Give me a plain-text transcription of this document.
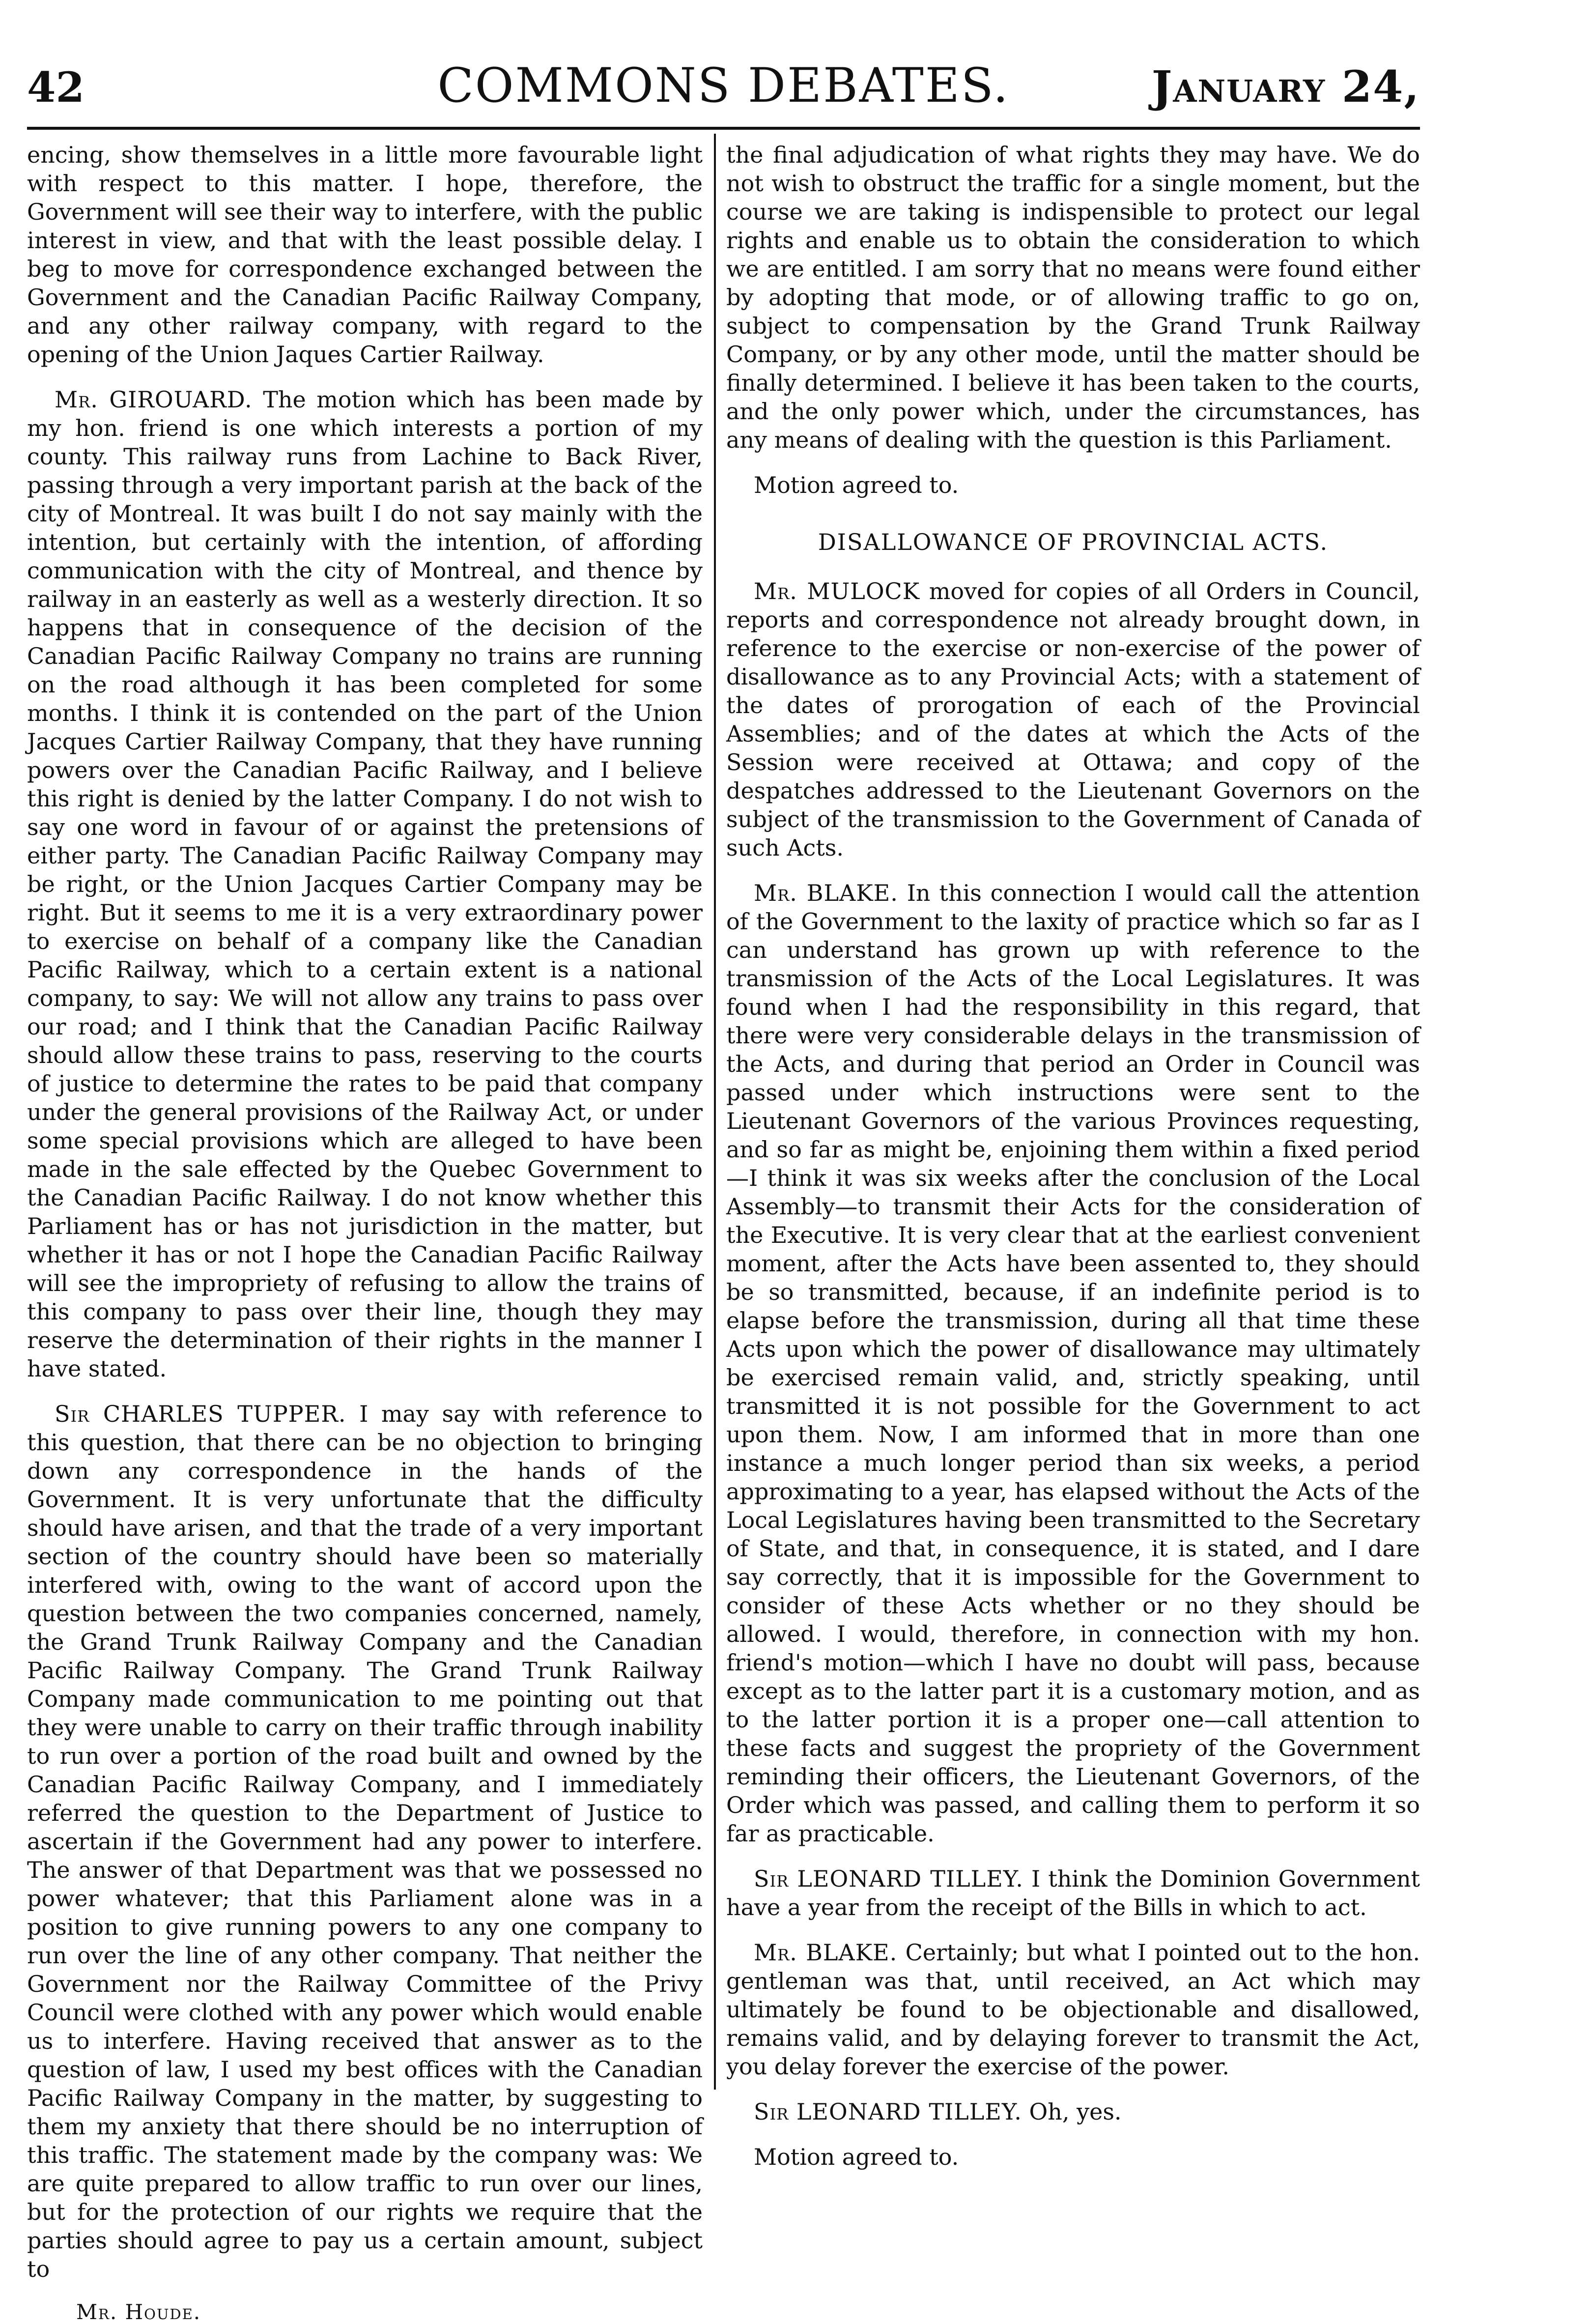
42	COMMONS DEBATES.	January 24,

encing, show themselves in a little more favourable light with respect to this matter. I hope, therefore, the Government will see their way to interfere, with the public interest in view, and that with the least possible delay. I beg to move for correspondence exchanged between the Government and the Canadian Pacific Railway Company, and any other railway company, with regard to the opening of the Union Jaques Cartier Railway.

Mr. GIROUARD. The motion which has been made by my hon. friend is one which interests a portion of my county. This railway runs from Lachine to Back River, passing through a very important parish at the back of the city of Montreal. It was built I do not say mainly with the intention, but certainly with the intention, of affording communication with the city of Montreal, and thence by railway in an easterly as well as a westerly direction. It so happens that in consequence of the decision of the Canadian Pacific Railway Company no trains are running on the road although it has been completed for some months. I think it is contended on the part of the Union Jacques Cartier Railway Company, that they have running powers over the Canadian Pacific Railway, and I believe this right is denied by the latter Company. I do not wish to say one word in favour of or against the pretensions of either party. The Canadian Pacific Railway Company may be right, or the Union Jacques Cartier Company may be right. But it seems to me it is a very extraordinary power to exercise on behalf of a company like the Canadian Pacific Railway, which to a certain extent is a national company, to say: We will not allow any trains to pass over our road; and I think that the Canadian Pacific Railway should allow these trains to pass, reserving to the courts of justice to determine the rates to be paid that company under the general provisions of the Railway Act, or under some special provisions which are alleged to have been made in the sale effected by the Quebec Government to the Canadian Pacific Railway. I do not know whether this Parliament has or has not jurisdiction in the matter, but whether it has or not I hope the Canadian Pacific Railway will see the impropriety of refusing to allow the trains of this company to pass over their line, though they may reserve the determination of their rights in the manner I have stated.

Sir CHARLES TUPPER. I may say with reference to this question, that there can be no objection to bringing down any correspondence in the hands of the Government. It is very unfortunate that the difficulty should have arisen, and that the trade of a very important section of the country should have been so materially interfered with, owing to the want of accord upon the question between the two companies concerned, namely, the Grand Trunk Railway Company and the Canadian Pacific Railway Company. The Grand Trunk Railway Company made communication to me pointing out that they were unable to carry on their traffic through inability to run over a portion of the road built and owned by the Canadian Pacific Railway Company, and I immediately referred the question to the Department of Justice to ascertain if the Government had any power to interfere. The answer of that Department was that we possessed no power whatever; that this Parliament alone was in a position to give running powers to any one company to run over the line of any other company. That neither the Government nor the Railway Committee of the Privy Council were clothed with any power which would enable us to interfere. Having received that answer as to the question of law, I used my best offices with the Canadian Pacific Railway Company in the matter, by suggesting to them my anxiety that there should be no interruption of this traffic. The statement made by the company was: We are quite prepared to allow traffic to run over our lines, but for the protection of our rights we require that the parties should agree to pay us a certain amount, subject to

Mr. Houde.

the final adjudication of what rights they may have. We do not wish to obstruct the traffic for a single moment, but the course we are taking is indispensible to protect our legal rights and enable us to obtain the consideration to which we are entitled. I am sorry that no means were found either by adopting that mode, or of allowing traffic to go on, subject to compensation by the Grand Trunk Railway Company, or by any other mode, until the matter should be finally determined. I believe it has been taken to the courts, and the only power which, under the circumstances, has any means of dealing with the question is this Parliament.

Motion agreed to.

DISALLOWANCE OF PROVINCIAL ACTS.

Mr. MULOCK moved for copies of all Orders in Council, reports and correspondence not already brought down, in reference to the exercise or non-exercise of the power of disallowance as to any Provincial Acts; with a statement of the dates of prorogation of each of the Provincial Assemblies; and of the dates at which the Acts of the Session were received at Ottawa; and copy of the despatches addressed to the Lieutenant Governors on the subject of the transmission to the Government of Canada of such Acts.

Mr. BLAKE. In this connection I would call the attention of the Government to the laxity of practice which so far as I can understand has grown up with reference to the transmission of the Acts of the Local Legislatures. It was found when I had the responsibility in this regard, that there were very considerable delays in the transmission of the Acts, and during that period an Order in Council was passed under which instructions were sent to the Lieutenant Governors of the various Provinces requesting, and so far as might be, enjoining them within a fixed period—I think it was six weeks after the conclusion of the Local Assembly—to transmit their Acts for the consideration of the Executive. It is very clear that at the earliest convenient moment, after the Acts have been assented to, they should be so transmitted, because, if an indefinite period is to elapse before the transmission, during all that time these Acts upon which the power of disallowance may ultimately be exercised remain valid, and, strictly speaking, until transmitted it is not possible for the Government to act upon them. Now, I am informed that in more than one instance a much longer period than six weeks, a period approximating to a year, has elapsed without the Acts of the Local Legislatures having been transmitted to the Secretary of State, and that, in consequence, it is stated, and I dare say correctly, that it is impossible for the Government to consider of these Acts whether or no they should be allowed. I would, therefore, in connection with my hon. friend's motion—which I have no doubt will pass, because except as to the latter part it is a customary motion, and as to the latter portion it is a proper one—call attention to these facts and suggest the propriety of the Government reminding their officers, the Lieutenant Governors, of the Order which was passed, and calling them to perform it so far as practicable.

Sir LEONARD TILLEY. I think the Dominion Government have a year from the receipt of the Bills in which to act.

Mr. BLAKE. Certainly; but what I pointed out to the hon. gentleman was that, until received, an Act which may ultimately be found to be objectionable and disallowed, remains valid, and by delaying forever to transmit the Act, you delay forever the exercise of the power.

Sir LEONARD TILLEY. Oh, yes.

Motion agreed to.
